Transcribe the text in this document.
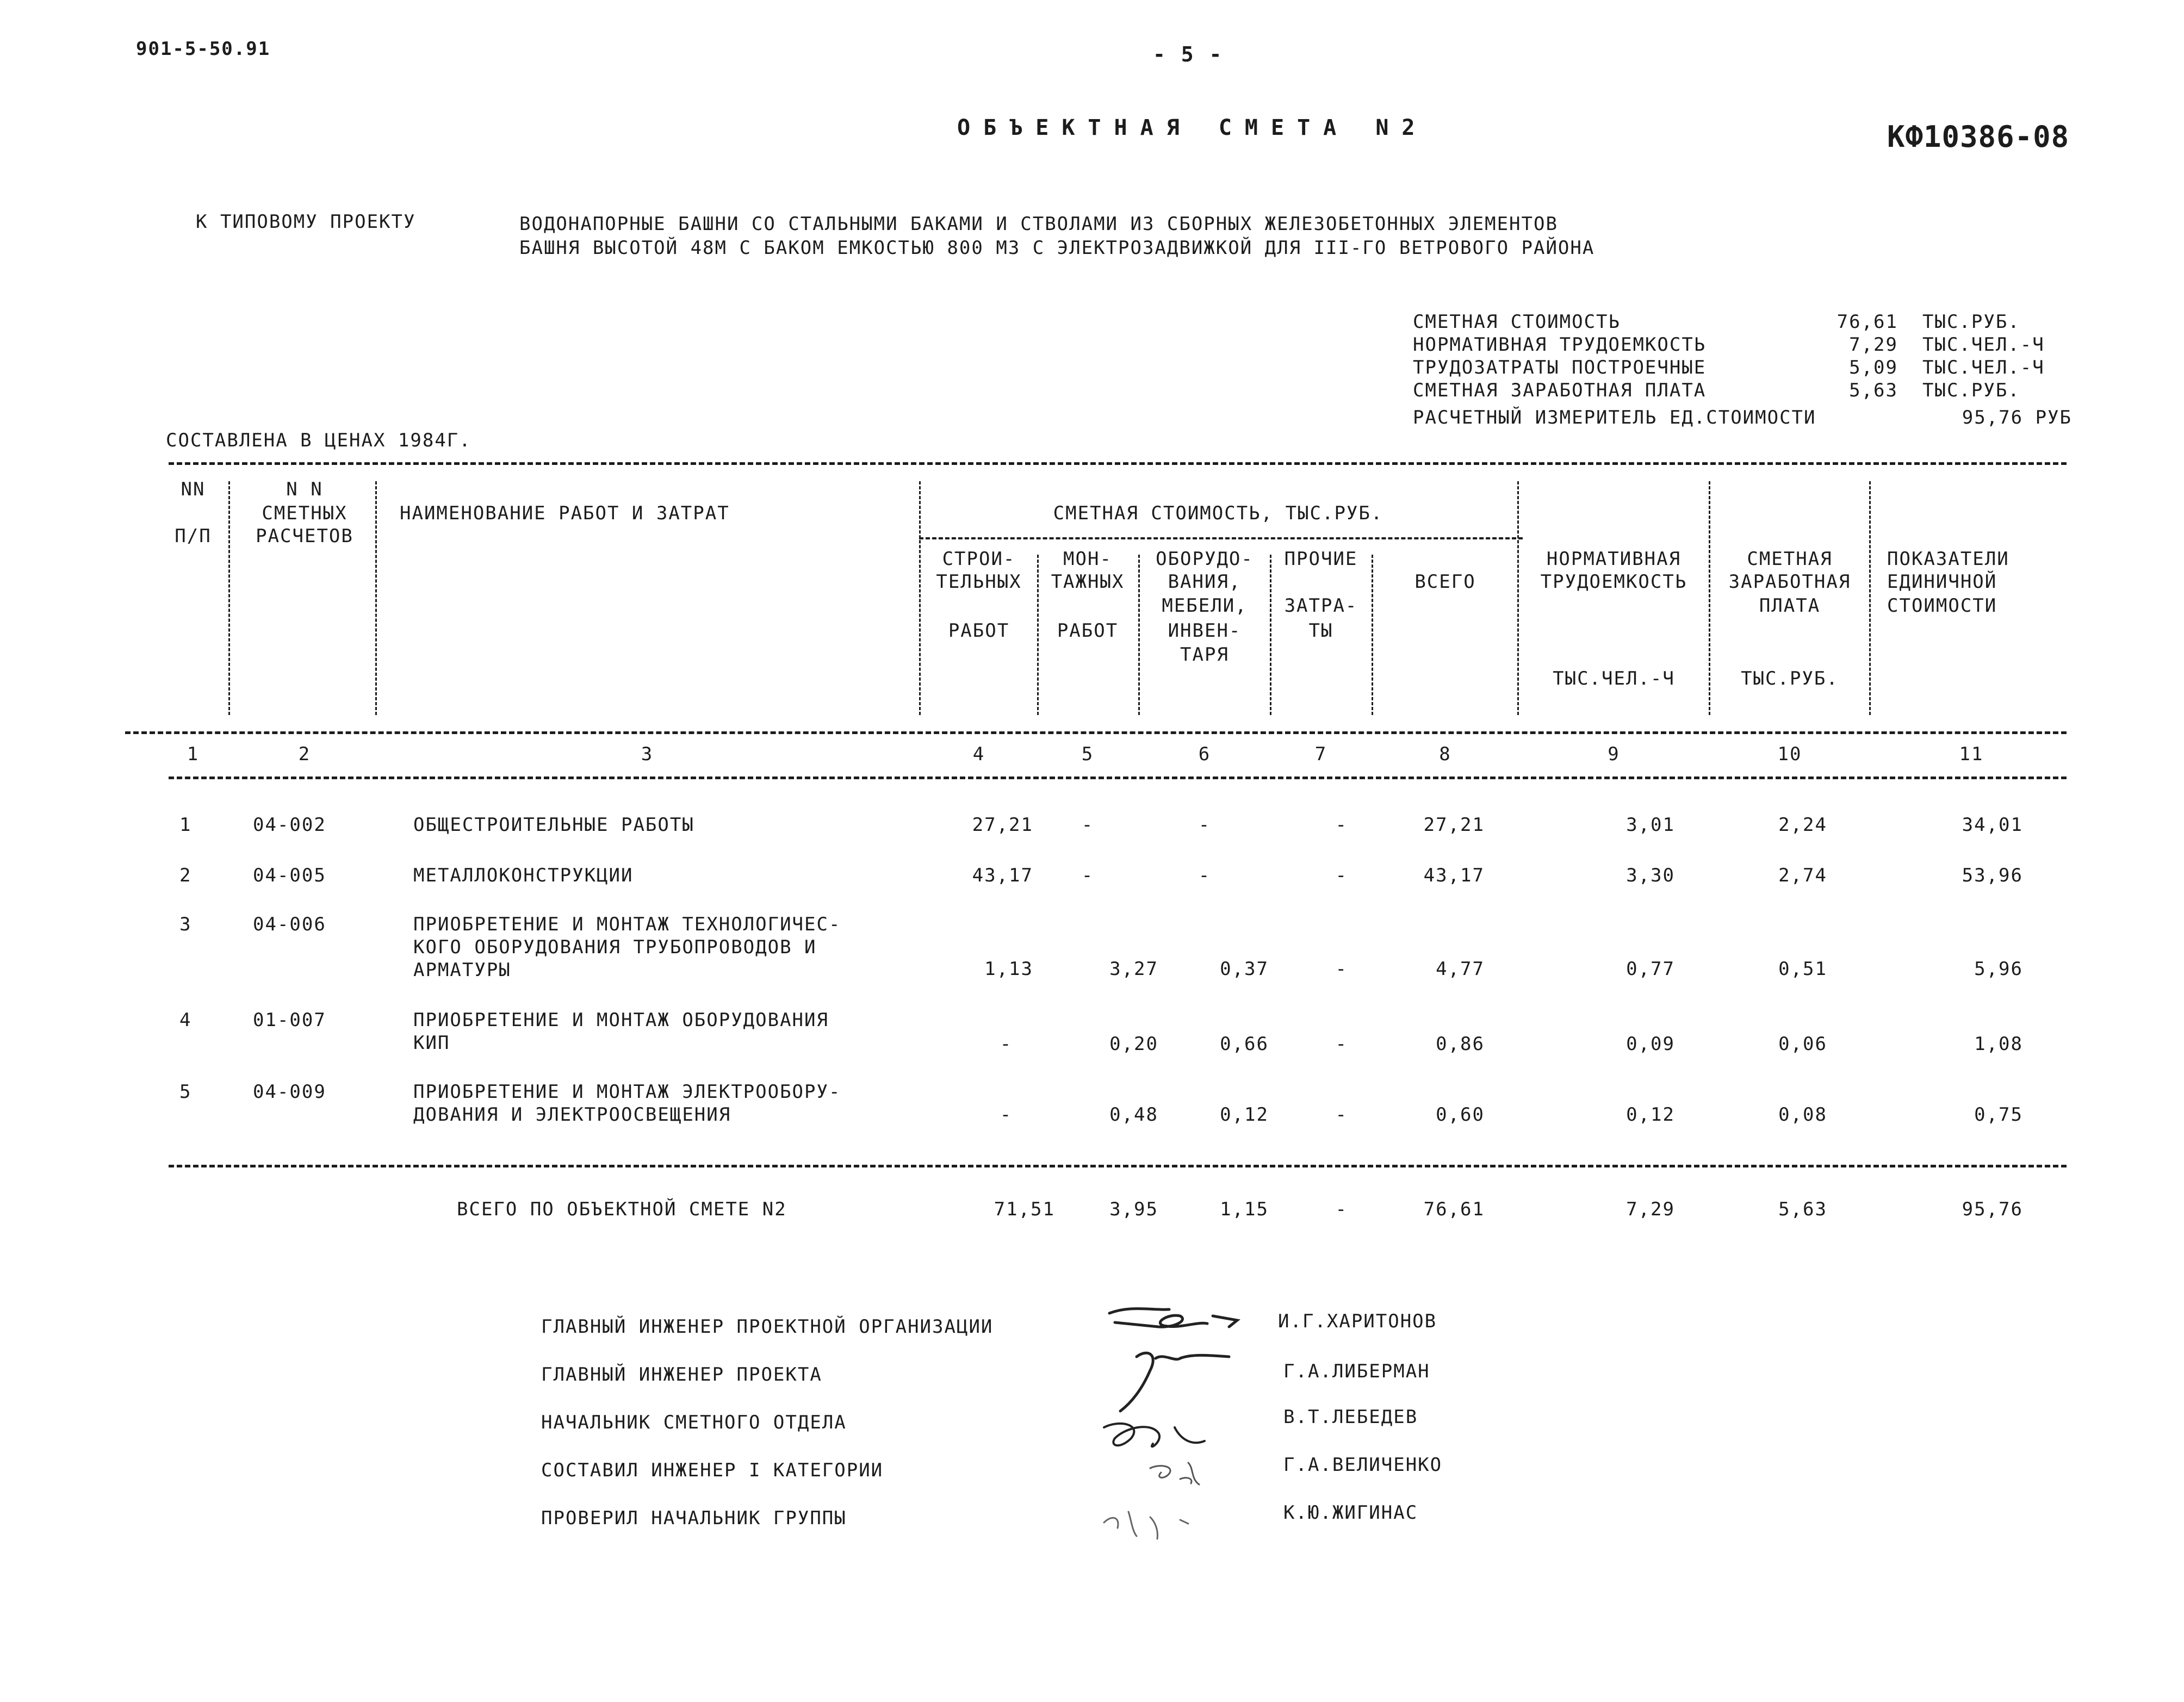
901-5-50.91	- 5 -
ОБЪЕКТНАЯ СМЕТА N2	КФ10386-08
К ТИПОВОМУ ПРОЕКТУ	ВОДОНАПОРНЫЕ БАШНИ СО СТАЛЬНЫМИ БАКАМИ И СТВОЛАМИ ИЗ СБОРНЫХ ЖЕЛЕЗОБЕТОННЫХ ЭЛЕМЕНТОВ
БАШНЯ ВЫСОТОЙ 48М С БАКОМ ЕМКОСТЬЮ 800 М3 С ЭЛЕКТРОЗАДВИЖКОЙ ДЛЯ III-ГО ВЕТРОВОГО РАЙОНА
СМЕТНАЯ СТОИМОСТЬ	76,61 ТЫС.РУБ.
НОРМАТИВНАЯ ТРУДОЕМКОСТЬ	7,29 ТЫС.ЧЕЛ.-Ч
ТРУДОЗАТРАТЫ ПОСТРОЕЧНЫЕ	5,09 ТЫС.ЧЕЛ.-Ч
СМЕТНАЯ ЗАРАБОТНАЯ ПЛАТА	5,63 ТЫС.РУБ.
РАСЧЕТНЫЙ ИЗМЕРИТЕЛЬ ЕД.СТОИМОСТИ	95,76 РУБ
СОСТАВЛЕНА В ЦЕНАХ 1984Г.
NN
П/П
N N
СМЕТНЫХ
РАСЧЕТОВ
НАИМЕНОВАНИЕ РАБОТ И ЗАТРАТ	СМЕТНАЯ СТОИМОСТЬ, ТЫС.РУБ.
СТРОИ-
ТЕЛЬНЫХ
РАБОТ
МОН-
ТАЖНЫХ
РАБОТ
ОБОРУДО-
ВАНИЯ,
МЕБЕЛИ,
ИНВЕН-
ТАРЯ
ПРОЧИЕ
ЗАТРА-
ТЫ
ВСЕГО
НОРМАТИВНАЯ
ТРУДОЕМКОСТЬ
ТЫС.ЧЕЛ.-Ч
СМЕТНАЯ
ЗАРАБОТНАЯ
ПЛАТА
ТЫС.РУБ.
ПОКАЗАТЕЛИ
ЕДИНИЧНОЙ
СТОИМОСТИ
1	2	3	4	5	6	7	8	9	10	11
1	04-002	ОБЩЕСТРОИТЕЛЬНЫЕ РАБОТЫ	27,21	-	-	-	27,21	3,01	2,24	34,01
2	04-005	МЕТАЛЛОКОНСТРУКЦИИ	43,17	-	-	-	43,17	3,30	2,74	53,96
3	04-006	ПРИОБРЕТЕНИЕ И МОНТАЖ ТЕХНОЛОГИЧЕС-
КОГО ОБОРУДОВАНИЯ ТРУБОПРОВОДОВ И
АРМАТУРЫ	1,13	3,27	0,37	-	4,77	0,77	0,51	5,96
4	01-007	ПРИОБРЕТЕНИЕ И МОНТАЖ ОБОРУДОВАНИЯ
КИП	-	0,20	0,66	-	0,86	0,09	0,06	1,08
5	04-009	ПРИОБРЕТЕНИЕ И МОНТАЖ ЭЛЕКТРООБОРУ-
ДОВАНИЯ И ЭЛЕКТРООСВЕЩЕНИЯ	-	0,48	0,12	-	0,60	0,12	0,08	0,75
ВСЕГО ПО ОБЪЕКТНОЙ СМЕТЕ N2	71,51	3,95	1,15	-	76,61	7,29	5,63	95,76
ГЛАВНЫЙ ИНЖЕНЕР ПРОЕКТНОЙ ОРГАНИЗАЦИИ	И.Г.ХАРИТОНОВ
ГЛАВНЫЙ ИНЖЕНЕР ПРОЕКТА	Г.А.ЛИБЕРМАН
НАЧАЛЬНИК СМЕТНОГО ОТДЕЛА	В.Т.ЛЕБЕДЕВ
СОСТАВИЛ ИНЖЕНЕР I КАТЕГОРИИ	Г.А.ВЕЛИЧЕНКО
ПРОВЕРИЛ НАЧАЛЬНИК ГРУППЫ	К.Ю.ЖИГИНАС
